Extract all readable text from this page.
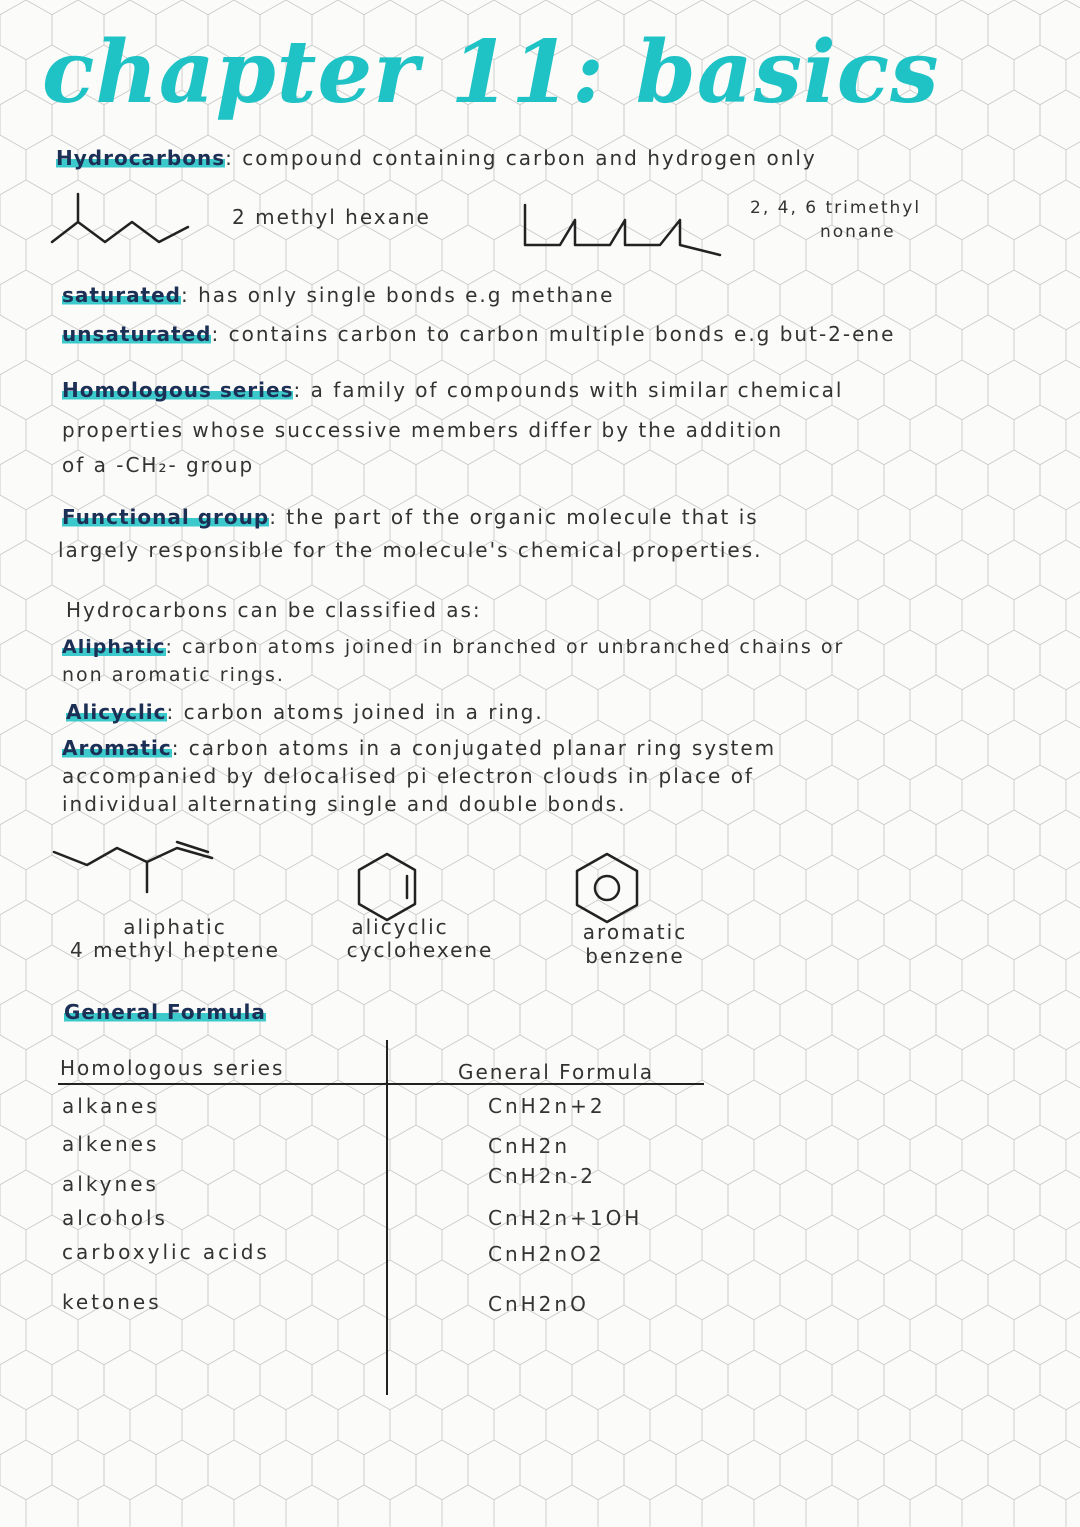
chapter 11: basics
Hydrocarbons: compound containing carbon and hydrogen only
2 methyl hexane	2, 4, 6 trimethyl
nonane
saturated: has only single bonds e.g methane
unsaturated: contains carbon to carbon multiple bonds e.g but-2-ene
Homologous series: a family of compounds with similar chemical
properties whose successive members differ by the addition
of a -CH₂- group
Functional group: the part of the organic molecule that is
largely responsible for the molecule's chemical properties.
Hydrocarbons can be classified as:
Aliphatic: carbon atoms joined in branched or unbranched chains or
non aromatic rings.
Alicyclic: carbon atoms joined in a ring.
Aromatic: carbon atoms in a conjugated planar ring system
accompanied by delocalised pi electron clouds in place of
individual alternating single and double bonds.
aliphatic
4 methyl heptene
alicyclic
cyclohexene
aromatic
benzene
General Formula
Homologous series	General Formula
alkanes	CnH2n+2
alkenes	CnH2n
alkynes	CnH2n-2
alcohols	CnH2n+1OH
carboxylic acids	CnH2nO2
ketones	CnH2nO
